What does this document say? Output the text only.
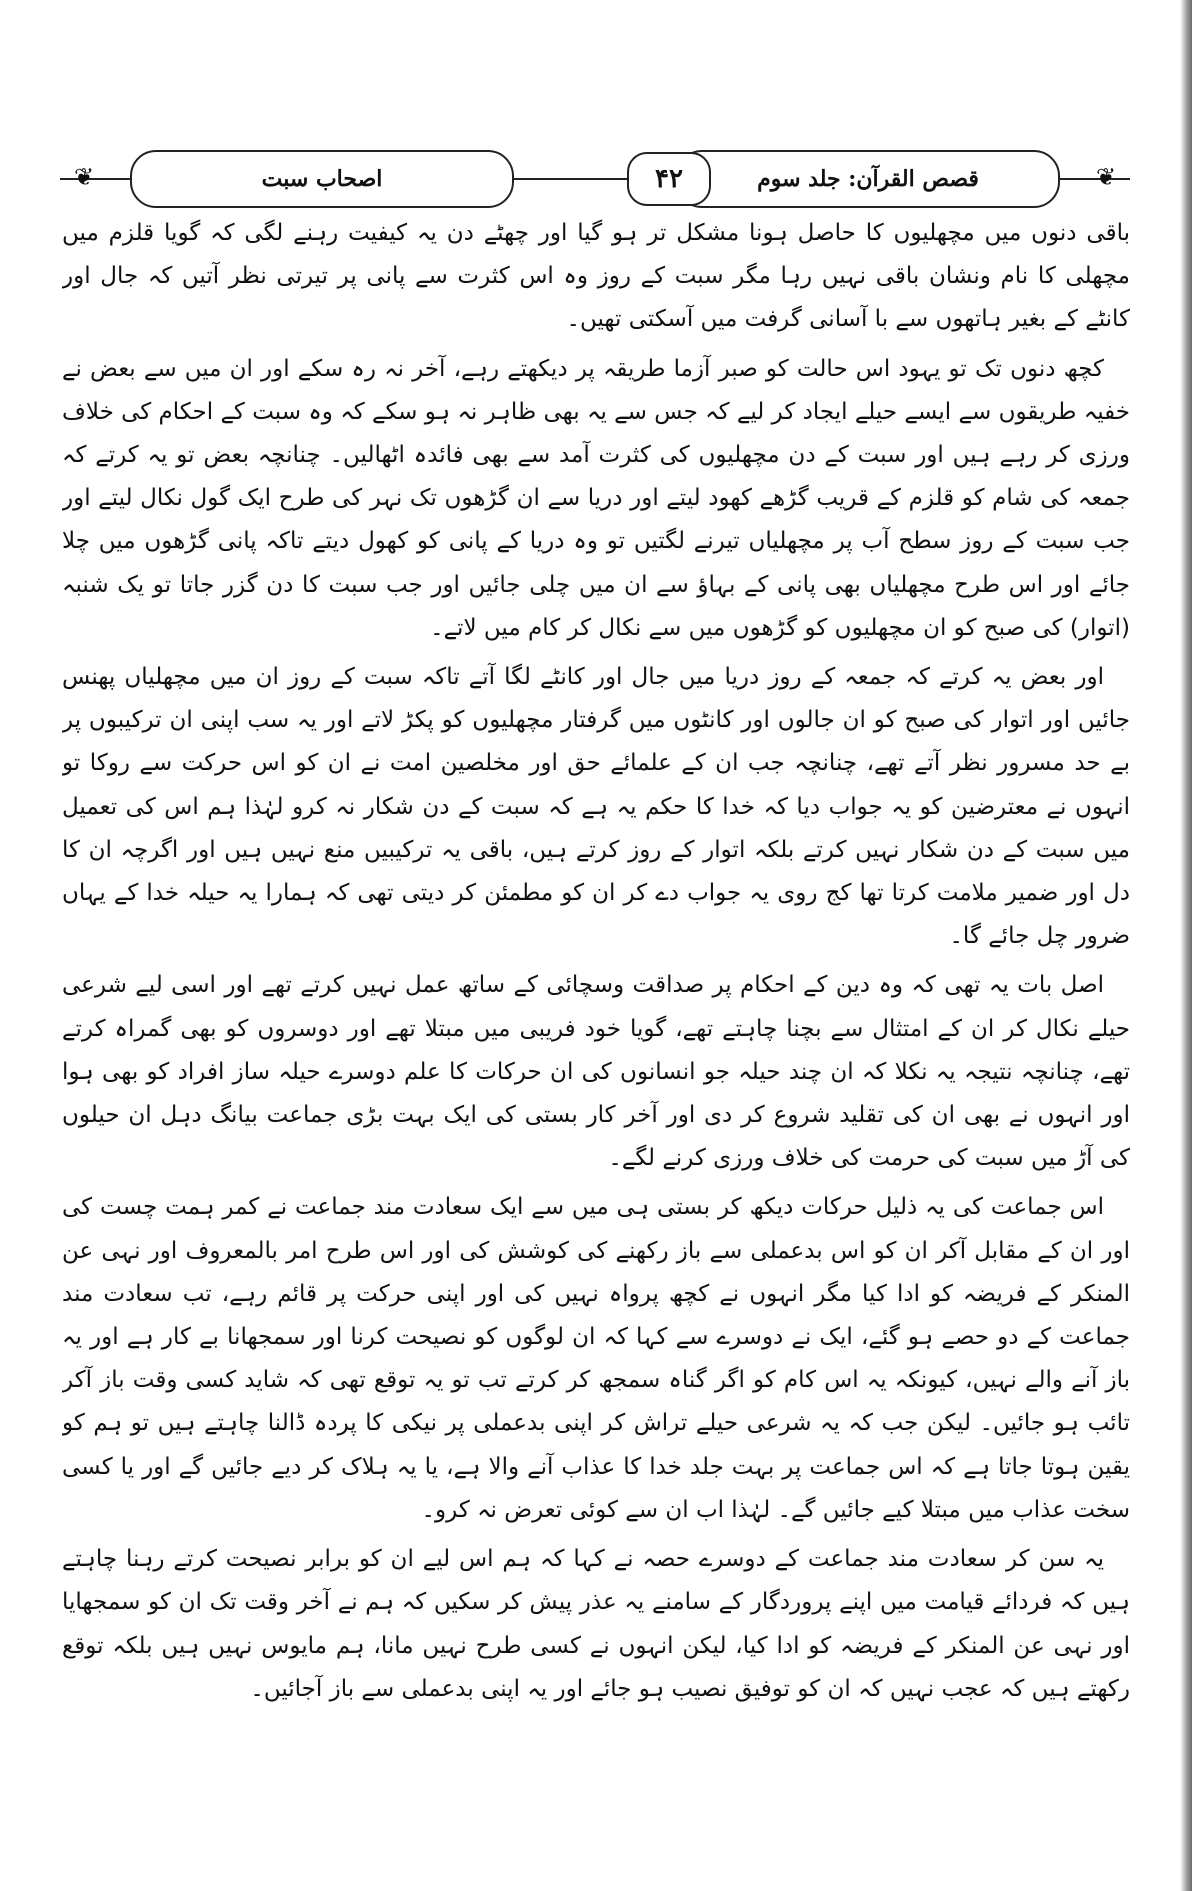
❦
❦	قصص القرآن: جلد سوم
۴۲
اصحاب سبت

باقی دنوں میں مچھلیوں کا حاصل ہونا مشکل تر ہو گیا اور چھٹے دن یہ کیفیت رہنے لگی کہ گویا قلزم میں مچھلی کا نام ونشان باقی نہیں رہا مگر سبت کے روز وہ اس کثرت سے پانی پر تیرتی نظر آتیں کہ جال اور کانٹے کے بغیر ہاتھوں سے با آسانی گرفت میں آسکتی تھیں۔

کچھ دنوں تک تو یہود اس حالت کو صبر آزما طریقہ پر دیکھتے رہے، آخر نہ رہ سکے اور ان میں سے بعض نے خفیہ طریقوں سے ایسے حیلے ایجاد کر لیے کہ جس سے یہ بھی ظاہر نہ ہو سکے کہ وہ سبت کے احکام کی خلاف ورزی کر رہے ہیں اور سبت کے دن مچھلیوں کی کثرت آمد سے بھی فائدہ اٹھالیں۔ چنانچہ بعض تو یہ کرتے کہ جمعہ کی شام کو قلزم کے قریب گڑھے کھود لیتے اور دریا سے ان گڑھوں تک نہر کی طرح ایک گول نکال لیتے اور جب سبت کے روز سطح آب پر مچھلیاں تیرنے لگتیں تو وہ دریا کے پانی کو کھول دیتے تاکہ پانی گڑھوں میں چلا جائے اور اس طرح مچھلیاں بھی پانی کے بہاؤ سے ان میں چلی جائیں اور جب سبت کا دن گزر جاتا تو یک شنبہ (اتوار) کی صبح کو ان مچھلیوں کو گڑھوں میں سے نکال کر کام میں لاتے۔

اور بعض یہ کرتے کہ جمعہ کے روز دریا میں جال اور کانٹے لگا آتے تاکہ سبت کے روز ان میں مچھلیاں پھنس جائیں اور اتوار کی صبح کو ان جالوں اور کانٹوں میں گرفتار مچھلیوں کو پکڑ لاتے اور یہ سب اپنی ان ترکیبوں پر بے حد مسرور نظر آتے تھے، چنانچہ جب ان کے علمائے حق اور مخلصین امت نے ان کو اس حرکت سے روکا تو انہوں نے معترضین کو یہ جواب دیا کہ خدا کا حکم یہ ہے کہ سبت کے دن شکار نہ کرو لہٰذا ہم اس کی تعمیل میں سبت کے دن شکار نہیں کرتے بلکہ اتوار کے روز کرتے ہیں، باقی یہ ترکیبیں منع نہیں ہیں اور اگرچہ ان کا دل اور ضمیر ملامت کرتا تھا کج روی یہ جواب دے کر ان کو مطمئن کر دیتی تھی کہ ہمارا یہ حیلہ خدا کے یہاں ضرور چل جائے گا۔

اصل بات یہ تھی کہ وہ دین کے احکام پر صداقت وسچائی کے ساتھ عمل نہیں کرتے تھے اور اسی لیے شرعی حیلے نکال کر ان کے امتثال سے بچنا چاہتے تھے، گویا خود فریبی میں مبتلا تھے اور دوسروں کو بھی گمراہ کرتے تھے، چنانچہ نتیجہ یہ نکلا کہ ان چند حیلہ جو انسانوں کی ان حرکات کا علم دوسرے حیلہ ساز افراد کو بھی ہوا اور انہوں نے بھی ان کی تقلید شروع کر دی اور آخر کار بستی کی ایک بہت بڑی جماعت بیانگ دہل ان حیلوں کی آڑ میں سبت کی حرمت کی خلاف ورزی کرنے لگے۔

اس جماعت کی یہ ذلیل حرکات دیکھ کر بستی ہی میں سے ایک سعادت مند جماعت نے کمر ہمت چست کی اور ان کے مقابل آکر ان کو اس بدعملی سے باز رکھنے کی کوشش کی اور اس طرح امر بالمعروف اور نہی عن المنکر کے فریضہ کو ادا کیا مگر انہوں نے کچھ پرواہ نہیں کی اور اپنی حرکت پر قائم رہے، تب سعادت مند جماعت کے دو حصے ہو گئے، ایک نے دوسرے سے کہا کہ ان لوگوں کو نصیحت کرنا اور سمجھانا بے کار ہے اور یہ باز آنے والے نہیں، کیونکہ یہ اس کام کو اگر گناہ سمجھ کر کرتے تب تو یہ توقع تھی کہ شاید کسی وقت باز آکر تائب ہو جائیں۔ لیکن جب کہ یہ شرعی حیلے تراش کر اپنی بدعملی پر نیکی کا پردہ ڈالنا چاہتے ہیں تو ہم کو یقین ہوتا جاتا ہے کہ اس جماعت پر بہت جلد خدا کا عذاب آنے والا ہے، یا یہ ہلاک کر دیے جائیں گے اور یا کسی سخت عذاب میں مبتلا کیے جائیں گے۔ لہٰذا اب ان سے کوئی تعرض نہ کرو۔

یہ سن کر سعادت مند جماعت کے دوسرے حصہ نے کہا کہ ہم اس لیے ان کو برابر نصیحت کرتے رہنا چاہتے ہیں کہ فردائے قیامت میں اپنے پروردگار کے سامنے یہ عذر پیش کر سکیں کہ ہم نے آخر وقت تک ان کو سمجھایا اور نہی عن المنکر کے فریضہ کو ادا کیا، لیکن انہوں نے کسی طرح نہیں مانا، ہم مایوس نہیں ہیں بلکہ توقع رکھتے ہیں کہ عجب نہیں کہ ان کو توفیق نصیب ہو جائے اور یہ اپنی بدعملی سے باز آجائیں۔
